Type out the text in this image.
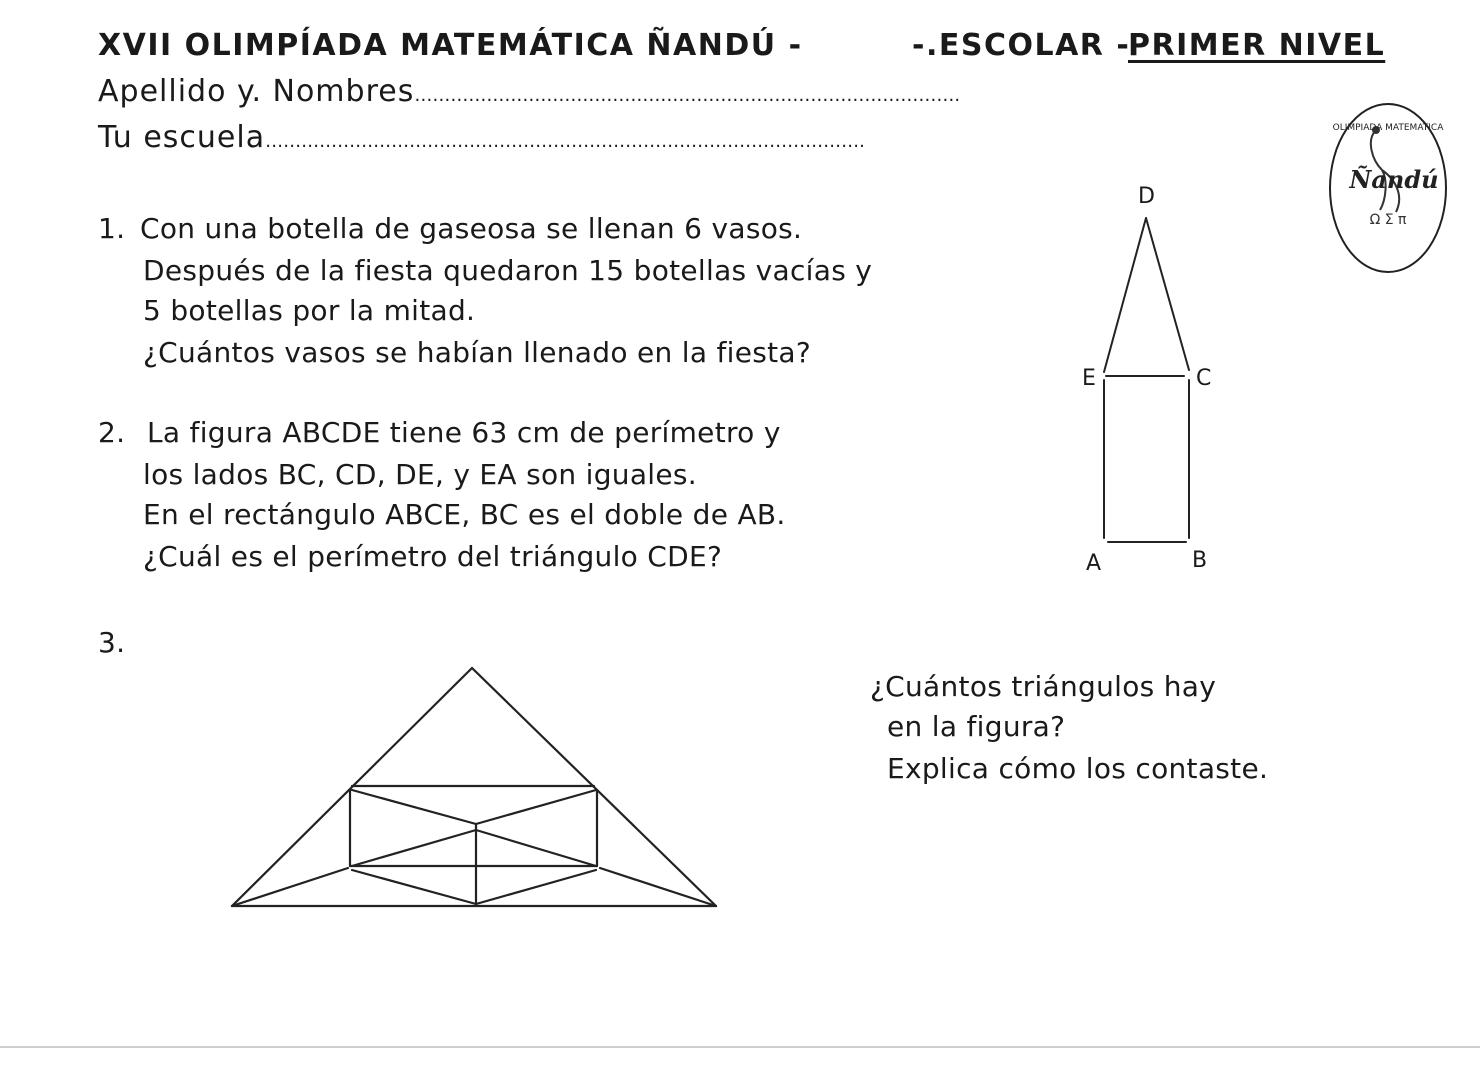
XVII OLIMPÍADA MATEMÁTICA ÑANDÚ -	-.ESCOLAR -
PRIMER NIVEL
Apellido y. Nombres……………………………………………………………………………….
Tu escuela……………………………………………………………………………………….
OLIMPIADA MATEMATICA
Ñandú
Ω Σ π
1. Con una botella de gaseosa se llenan 6 vasos.
Después de la fiesta quedaron 15 botellas vacías y
5 botellas por la mitad.
¿Cuántos vasos se habían llenado en la fiesta?
2. La figura ABCDE tiene 63 cm de perímetro y
los lados BC, CD, DE, y EA son iguales.
En el rectángulo ABCE, BC es el doble de AB.
¿Cuál es el perímetro del triángulo CDE?
D
E	C
A	B
3.
¿Cuántos triángulos hay
en la figura?
Explica cómo los contaste.
